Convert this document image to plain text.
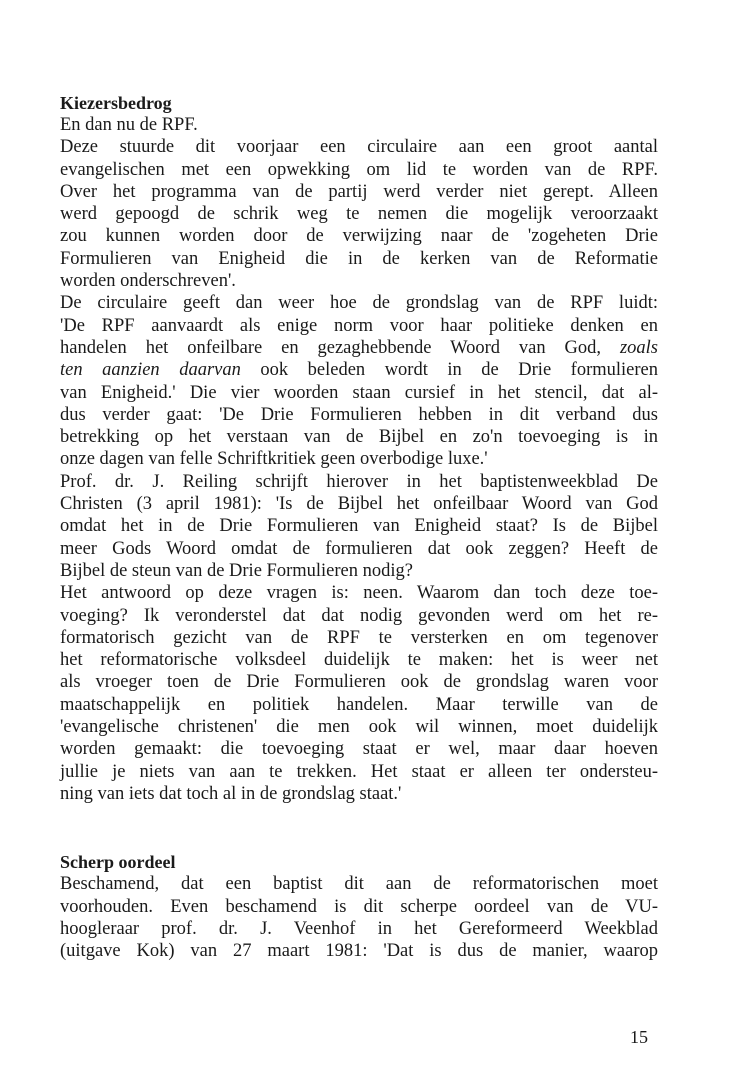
Kiezersbedrog
En dan nu de RPF.
Deze stuurde dit voorjaar een circulaire aan een groot aantal
evangelischen met een opwekking om lid te worden van de RPF.
Over het programma van de partij werd verder niet gerept. Alleen
werd gepoogd de schrik weg te nemen die mogelijk veroorzaakt
zou kunnen worden door de verwijzing naar de 'zogeheten Drie
Formulieren van Enigheid die in de kerken van de Reformatie
worden onderschreven'.
De circulaire geeft dan weer hoe de grondslag van de RPF luidt:
'De RPF aanvaardt als enige norm voor haar politieke denken en
handelen het onfeilbare en gezaghebbende Woord van God, zoals
ten aanzien daarvan ook beleden wordt in de Drie formulieren
van Enigheid.' Die vier woorden staan cursief in het stencil, dat al-
dus verder gaat: 'De Drie Formulieren hebben in dit verband dus
betrekking op het verstaan van de Bijbel en zo'n toevoeging is in
onze dagen van felle Schriftkritiek geen overbodige luxe.'
Prof. dr. J. Reiling schrijft hierover in het baptistenweekblad De
Christen (3 april 1981): 'Is de Bijbel het onfeilbaar Woord van God
omdat het in de Drie Formulieren van Enigheid staat? Is de Bijbel
meer Gods Woord omdat de formulieren dat ook zeggen? Heeft de
Bijbel de steun van de Drie Formulieren nodig?
Het antwoord op deze vragen is: neen. Waarom dan toch deze toe-
voeging? Ik veronderstel dat dat nodig gevonden werd om het re-
formatorisch gezicht van de RPF te versterken en om tegenover
het reformatorische volksdeel duidelijk te maken: het is weer net
als vroeger toen de Drie Formulieren ook de grondslag waren voor
maatschappelijk en politiek handelen. Maar terwille van de
'evangelische christenen' die men ook wil winnen, moet duidelijk
worden gemaakt: die toevoeging staat er wel, maar daar hoeven
jullie je niets van aan te trekken. Het staat er alleen ter ondersteu-
ning van iets dat toch al in de grondslag staat.'
Scherp oordeel
Beschamend, dat een baptist dit aan de reformatorischen moet
voorhouden. Even beschamend is dit scherpe oordeel van de VU-
hoogleraar prof. dr. J. Veenhof in het Gereformeerd Weekblad
(uitgave Kok) van 27 maart 1981: 'Dat is dus de manier, waarop
15
